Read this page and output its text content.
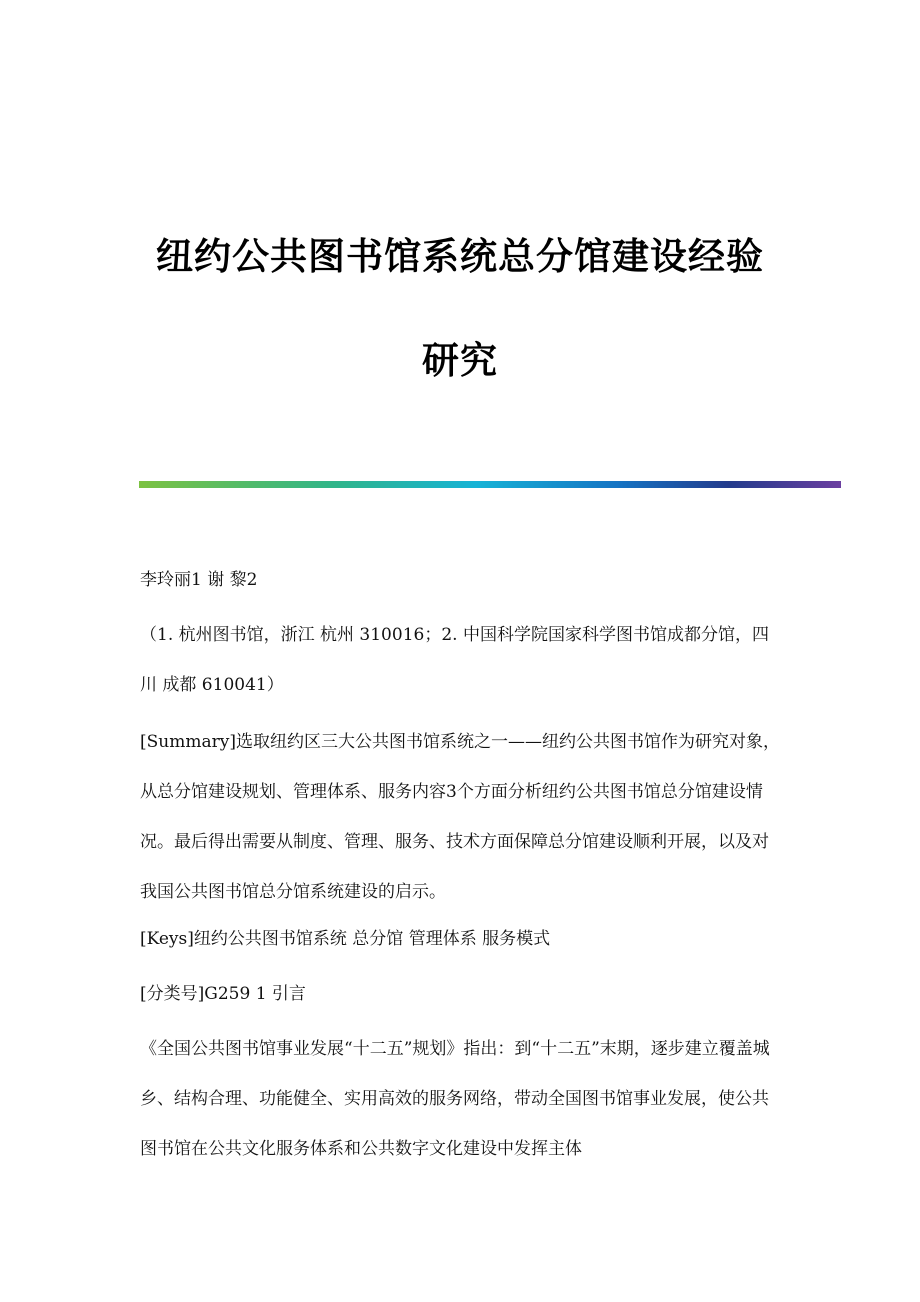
纽约公共图书馆系统总分馆建设经验研究

李玲丽1 谢 黎2

（1. 杭州图书馆，浙江 杭州 310016；2. 中国科学院国家科学图书馆成都分馆，四川 成都 610041）

[Summary]选取纽约区三大公共图书馆系统之一——纽约公共图书馆作为研究对象，从总分馆建设规划、管理体系、服务内容3个方面分析纽约公共图书馆总分馆建设情况。最后得出需要从制度、管理、服务、技术方面保障总分馆建设顺利开展，以及对我国公共图书馆总分馆系统建设的启示。

[Keys]纽约公共图书馆系统 总分馆 管理体系 服务模式

[分类号]G259 1 引言

《全国公共图书馆事业发展“十二五”规划》指出：到“十二五”末期，逐步建立覆盖城乡、结构合理、功能健全、实用高效的服务网络，带动全国图书馆事业发展，使公共图书馆在公共文化服务体系和公共数字文化建设中发挥主体
